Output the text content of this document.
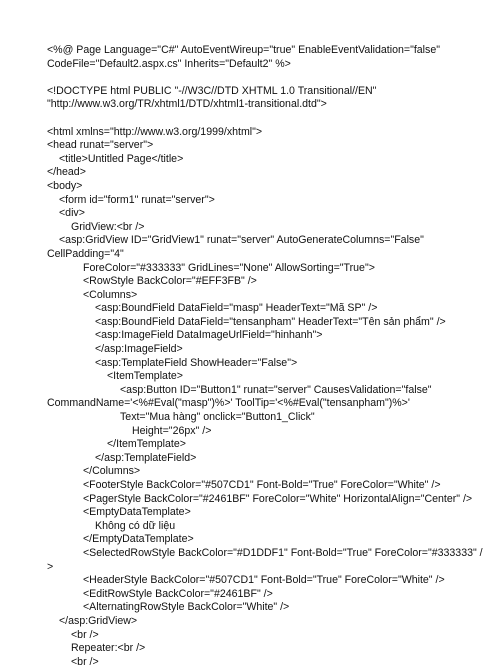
<%@ Page Language="C#" AutoEventWireup="true" EnableEventValidation="false"
CodeFile="Default2.aspx.cs" Inherits="Default2" %>
<!DOCTYPE html PUBLIC "-//W3C//DTD XHTML 1.0 Transitional//EN"
"http://www.w3.org/TR/xhtml1/DTD/xhtml1-transitional.dtd">
<html xmlns="http://www.w3.org/1999/xhtml">
<head runat="server">
<title>Untitled Page</title>
</head>
<body>
<form id="form1" runat="server">
<div>
GridView:<br />
<asp:GridView ID="GridView1" runat="server" AutoGenerateColumns="False"
CellPadding="4"
ForeColor="#333333" GridLines="None" AllowSorting="True">
<RowStyle BackColor="#EFF3FB" />
<Columns>
<asp:BoundField DataField="masp" HeaderText="Mã SP" />
<asp:BoundField DataField="tensanpham" HeaderText="Tên sản phẩm" />
<asp:ImageField DataImageUrlField="hinhanh">
</asp:ImageField>
<asp:TemplateField ShowHeader="False">
<ItemTemplate>
<asp:Button ID="Button1" runat="server" CausesValidation="false"
CommandName='<%#Eval("masp")%>' ToolTip='<%#Eval("tensanpham")%>'
Text="Mua hàng" onclick="Button1_Click"
Height="26px" />
</ItemTemplate>
</asp:TemplateField>
</Columns>
<FooterStyle BackColor="#507CD1" Font-Bold="True" ForeColor="White" />
<PagerStyle BackColor="#2461BF" ForeColor="White" HorizontalAlign="Center" />
<EmptyDataTemplate>
Không có dữ liệu
</EmptyDataTemplate>
<SelectedRowStyle BackColor="#D1DDF1" Font-Bold="True" ForeColor="#333333" /
>
<HeaderStyle BackColor="#507CD1" Font-Bold="True" ForeColor="White" />
<EditRowStyle BackColor="#2461BF" />
<AlternatingRowStyle BackColor="White" />
</asp:GridView>
<br />
Repeater:<br />
<br />
